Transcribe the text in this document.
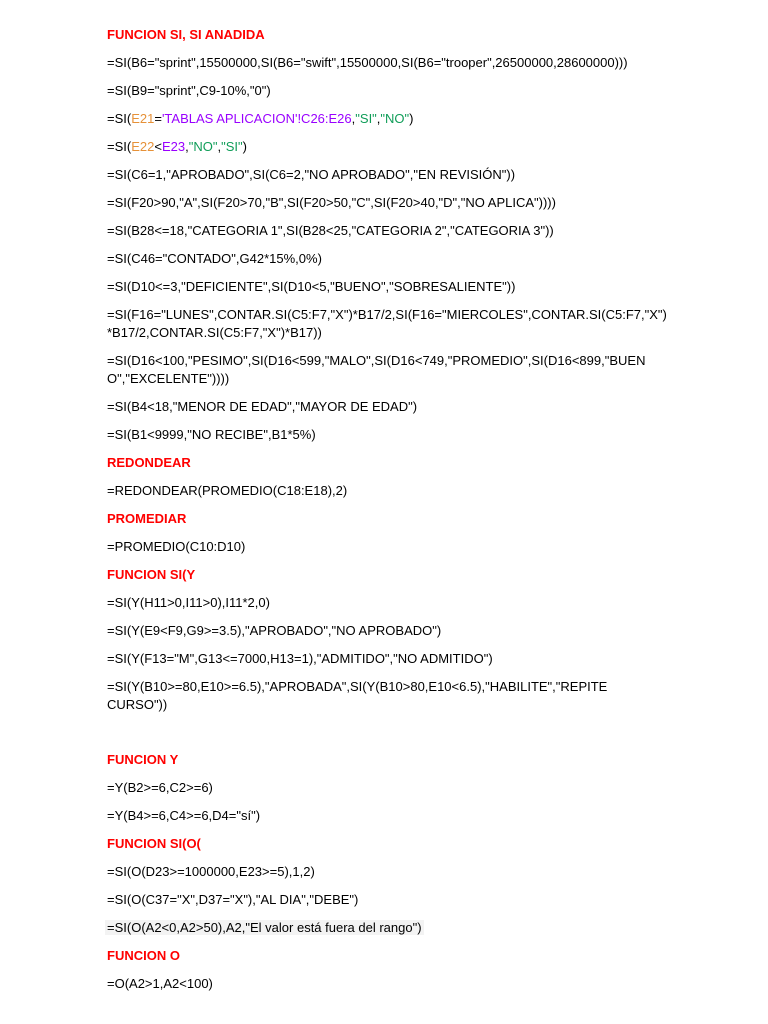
FUNCION SI, SI ANADIDA
=SI(B6="sprint",15500000,SI(B6="swift",15500000,SI(B6="trooper",26500000,28600000)))
=SI(B9="sprint",C9-10%,"0")
=SI(E21='TABLAS APLICACION'!C26:E26,"SI","NO")
=SI(E22<E23,"NO","SI")
=SI(C6=1,"APROBADO",SI(C6=2,"NO APROBADO","EN REVISIÓN"))
=SI(F20>90,"A",SI(F20>70,"B",SI(F20>50,"C",SI(F20>40,"D","NO APLICA"))))
=SI(B28<=18,"CATEGORIA 1",SI(B28<25,"CATEGORIA 2","CATEGORIA 3"))
=SI(C46="CONTADO",G42*15%,0%)
=SI(D10<=3,"DEFICIENTE",SI(D10<5,"BUENO","SOBRESALIENTE"))
=SI(F16="LUNES",CONTAR.SI(C5:F7,"X")*B17/2,SI(F16="MIERCOLES",CONTAR.SI(C5:F7,"X")*B17/2,CONTAR.SI(C5:F7,"X")*B17))
=SI(D16<100,"PESIMO",SI(D16<599,"MALO",SI(D16<749,"PROMEDIO",SI(D16<899,"BUENO","EXCELENTE"))))
=SI(B4<18,"MENOR DE EDAD","MAYOR DE EDAD")
=SI(B1<9999,"NO RECIBE",B1*5%)
REDONDEAR
=REDONDEAR(PROMEDIO(C18:E18),2)
PROMEDIAR
=PROMEDIO(C10:D10)
FUNCION SI(Y
=SI(Y(H11>0,I11>0),I11*2,0)
=SI(Y(E9<F9,G9>=3.5),"APROBADO","NO APROBADO")
=SI(Y(F13="M",G13<=7000,H13=1),"ADMITIDO","NO ADMITIDO")
=SI(Y(B10>=80,E10>=6.5),"APROBADA",SI(Y(B10>80,E10<6.5),"HABILITE","REPITE CURSO"))
FUNCION Y
=Y(B2>=6,C2>=6)
=Y(B4>=6,C4>=6,D4="sí")
FUNCION SI(O(
=SI(O(D23>=1000000,E23>=5),1,2)
=SI(O(C37="X",D37="X"),"AL DIA","DEBE")
=SI(O(A2<0,A2>50),A2,"El valor está fuera del rango")
FUNCION O
=O(A2>1,A2<100)
